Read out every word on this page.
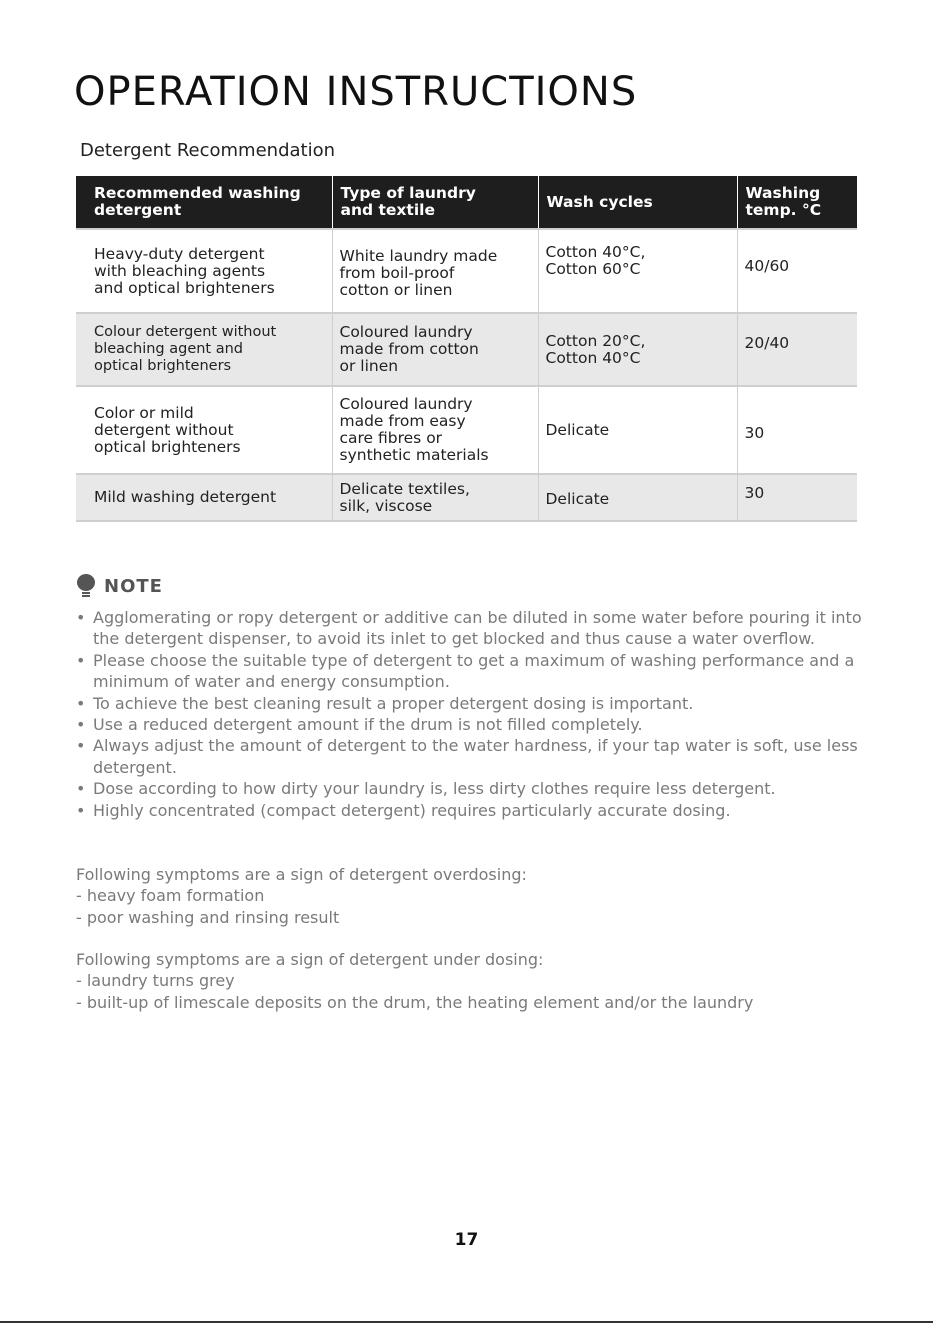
OPERATION INSTRUCTIONS
Detergent Recommendation
Recommended washing
detergent	Type of laundry
and textile	Wash cycles	Washing
temp. °C
Heavy-duty detergent
with bleaching agents
and optical brighteners	White laundry made
from boil-proof
cotton or linen	Cotton 40°C,
Cotton 60°C	40/60
Colour detergent without
bleaching agent and
optical brighteners	Coloured laundry
made from cotton
or linen	Cotton 20°C,
Cotton 40°C	20/40
Color or mild
detergent without
optical brighteners	Coloured laundry
made from easy
care fibres or
synthetic materials	Delicate	30
Mild washing detergent	Delicate textiles,
silk, viscose	Delicate	30
NOTE
• Agglomerating or ropy detergent or additive can be diluted in some water before pouring it into the detergent dispenser, to avoid its inlet to get blocked and thus cause a water overflow.
• Please choose the suitable type of detergent to get a maximum of washing performance and a minimum of water and energy consumption.
• To achieve the best cleaning result a proper detergent dosing is important.
• Use a reduced detergent amount if the drum is not filled completely.
• Always adjust the amount of detergent to the water hardness, if your tap water is soft, use less detergent.
• Dose according to how dirty your laundry is, less dirty clothes require less detergent.
• Highly concentrated (compact detergent) requires particularly accurate dosing.

Following symptoms are a sign of detergent overdosing:

- heavy foam formation

- poor washing and rinsing result

Following symptoms are a sign of detergent under dosing:

- laundry turns grey

- built-up of limescale deposits on the drum, the heating element and/or the laundry

17
